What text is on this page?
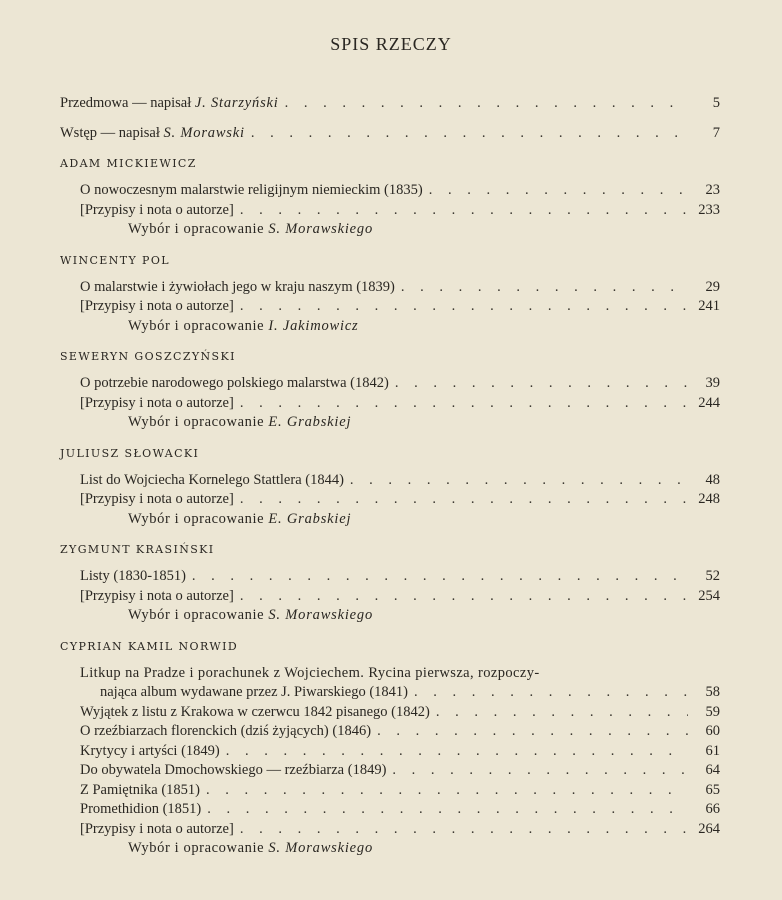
SPIS RZECZY
Przedmowa — napisał J. Starzyński . . .	5
Wstęp — napisał S. Morawski . . .	7
ADAM MICKIEWICZ
O nowoczesnym malarstwie religijnym niemieckim (1835) . . .	23
[Przypisy i nota o autorze] . . .	233
Wybór i opracowanie S. Morawskiego
WINCENTY POL
O malarstwie i żywiołach jego w kraju naszym (1839) . . .	29
[Przypisy i nota o autorze] . . .	241
Wybór i opracowanie I. Jakimowicz
SEWERYN GOSZCZYŃSKI
O potrzebie narodowego polskiego malarstwa (1842) . . .	39
[Przypisy i nota o autorze] . . .	244
Wybór i opracowanie E. Grabskiej
JULIUSZ SŁOWACKI
List do Wojciecha Kornelego Stattlera (1844) . . .	48
[Przypisy i nota o autorze] . . .	248
Wybór i opracowanie E. Grabskiej
ZYGMUNT KRASIŃSKI
Listy (1830-1851) . . .	52
[Przypisy i nota o autorze] . . .	254
Wybór i opracowanie S. Morawskiego
CYPRIAN KAMIL NORWID
Litkup na Pradze i porachunek z Wojciechem. Rycina pierwsza, rozpoczy-
nająca album wydawane przez J. Piwarskiego (1841) . . .	58
Wyjątek z listu z Krakowa w czerwcu 1842 pisanego (1842) . . .	59
O rzeźbiarzach florenckich (dziś żyjących) (1846) . . .	60
Krytycy i artyści (1849) . . .	61
Do obywatela Dmochowskiego — rzeźbiarza (1849) . . .	64
Z Pamiętnika (1851) . . .	65
Promethidion (1851) . . .	66
[Przypisy i nota o autorze] . . .	264
Wybór i opracowanie S. Morawskiego
